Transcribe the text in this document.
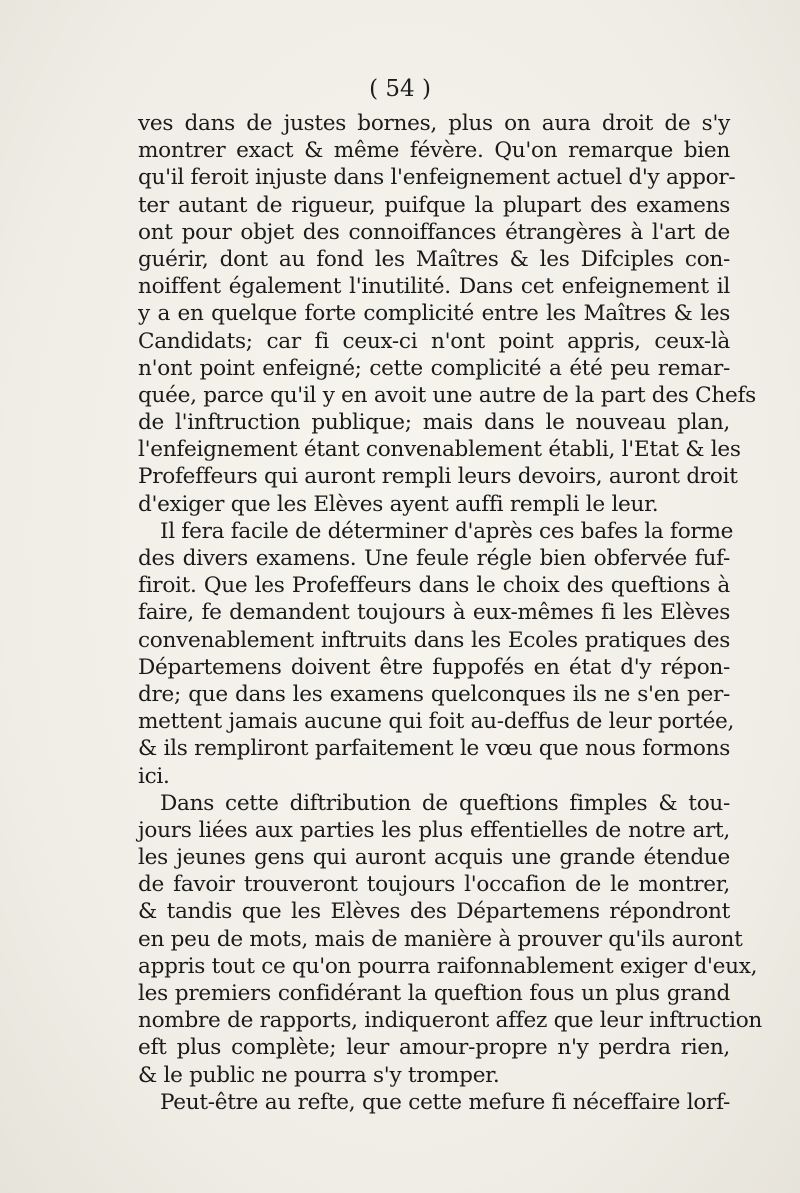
( 54 )
ves dans de justes bornes, plus on aura droit de s'y
montrer exact & même févère. Qu'on remarque bien
qu'il feroit injuste dans l'enfeignement actuel d'y appor-
ter autant de rigueur, puifque la plupart des examens
ont pour objet des connoiffances étrangères à l'art de
guérir, dont au fond les Maîtres & les Difciples con-
noiffent également l'inutilité. Dans cet enfeignement il
y a en quelque forte complicité entre les Maîtres & les
Candidats; car fi ceux-ci n'ont point appris, ceux-là
n'ont point enfeigné; cette complicité a été peu remar-
quée, parce qu'il y en avoit une autre de la part des Chefs
de l'inftruction publique; mais dans le nouveau plan,
l'enfeignement étant convenablement établi, l'Etat & les
Profeffeurs qui auront rempli leurs devoirs, auront droit
d'exiger que les Elèves ayent auffi rempli le leur.
Il fera facile de déterminer d'après ces bafes la forme
des divers examens. Une feule régle bien obfervée fuf-
firoit. Que les Profeffeurs dans le choix des queftions à
faire, fe demandent toujours à eux-mêmes fi les Elèves
convenablement inftruits dans les Ecoles pratiques des
Départemens doivent être fuppofés en état d'y répon-
dre; que dans les examens quelconques ils ne s'en per-
mettent jamais aucune qui foit au-deffus de leur portée,
& ils rempliront parfaitement le vœu que nous formons
ici.
Dans cette diftribution de queftions fimples & tou-
jours liées aux parties les plus effentielles de notre art,
les jeunes gens qui auront acquis une grande étendue
de favoir trouveront toujours l'occafion de le montrer,
& tandis que les Elèves des Départemens répondront
en peu de mots, mais de manière à prouver qu'ils auront
appris tout ce qu'on pourra raifonnablement exiger d'eux,
les premiers confidérant la queftion fous un plus grand
nombre de rapports, indiqueront affez que leur inftruction
eft plus complète; leur amour-propre n'y perdra rien,
& le public ne pourra s'y tromper.
Peut-être au refte, que cette mefure fi néceffaire lorf-
